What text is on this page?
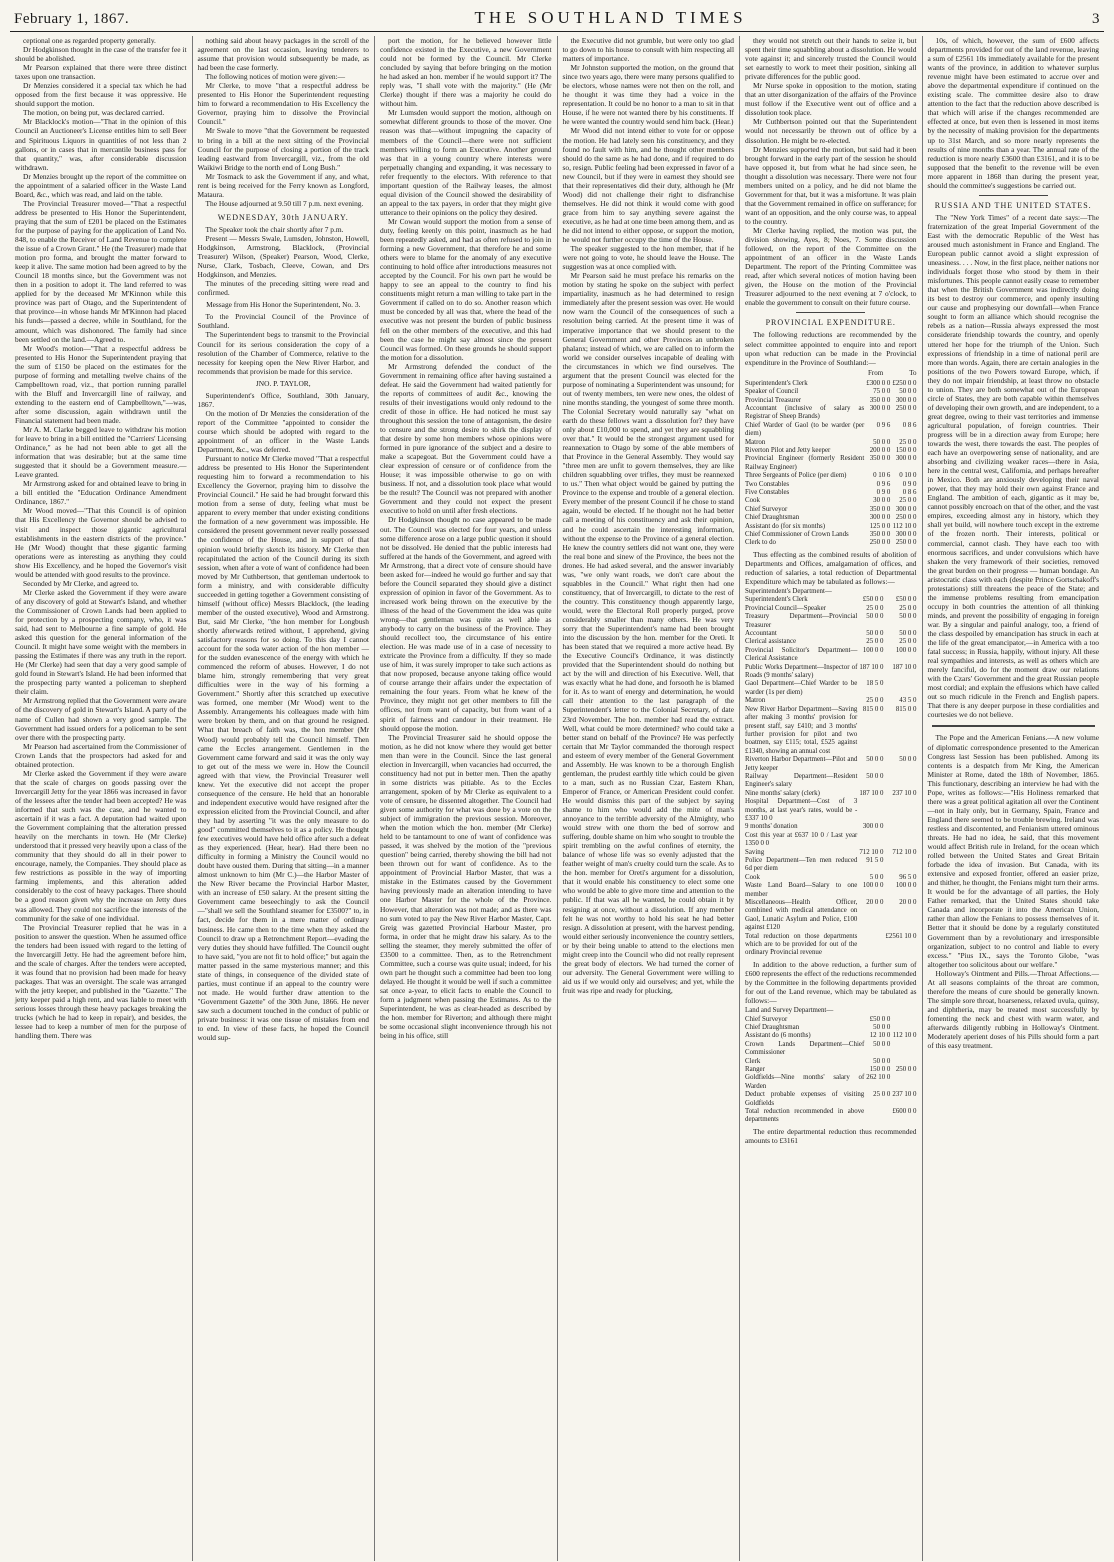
February 1, 1867.	THE SOUTHLAND TIMES	3

ceptional one as regarded property generally.

Dr Hodgkinson thought in the case of the transfer fee it should be abolished.

Mr Pearson explained that there were three distinct taxes upon one transaction.

Dr Menzies considered it a special tax which he had opposed from the first because it was oppressive. He should support the motion.

The motion, on being put, was declared carried.

Mr Blacklock's motion—"That in the opinion of this Council an Auctioneer's License entitles him to sell Beer and Spirituous Liquors in quantities of not less than 2 gallons, or in cases that in mercantile business pass for that quantity," was, after considerable discussion withdrawn.

Dr Menzies brought up the report of the committee on the appointment of a salaried officer in the Waste Land Board, &c., which was read, and laid on the table.

The Provincial Treasurer moved—"That a respectful address be presented to His Honor the Superintendent, praying that the sum of £201 be placed on the Estimates for the purpose of paying for the application of Land No. 848, to enable the Receiver of Land Revenue to complete the issue of a Crown Grant." He (the Treasurer) made that motion pro forma, and brought the matter forward to keep it alive. The same motion had been agreed to by the Council 18 months since, but the Government was not then in a position to adopt it. The land referred to was applied for by the deceased Mr M'Kinnon while this province was part of Otago, and the Superintendent of that province—in whose hands Mr M'Kinnon had placed his funds—passed a decree, while in Southland, for the amount, which was dishonored. The family had since been settled on the land.—Agreed to.

Mr Wood's motion—"That a respectful address be presented to His Honor the Superintendent praying that the sum of £150 be placed on the estimates for the purpose of forming and metalling twelve chains of the Campbelltown road, viz., that portion running parallel with the Bluff and Invercargill line of railway, and extending to the eastern end of Campbelltown,"—was, after some discussion, again withdrawn until the Financial statement had been made.

Mr A. M. Clarke begged leave to withdraw his motion for leave to bring in a bill entitled the "Carriers' Licensing Ordinance," as he had not been able to get all the information that was desirable; but at the same time suggested that it should be a Government measure.—Leave granted.

Mr Armstrong asked for and obtained leave to bring in a bill entitled the "Education Ordinance Amendment Ordinance, 1867."

Mr Wood moved—"That this Council is of opinion that His Excellency the Governor should be advised to visit and inspect those gigantic agricultural establishments in the eastern districts of the province." He (Mr Wood) thought that these gigantic farming operations were as interesting as anything they could show His Excellency, and he hoped the Governor's visit would be attended with good results to the province.

Seconded by Mr Clerke, and agreed to.

Mr Clerke asked the Government if they were aware of any discovery of gold at Stewart's Island, and whether the Commissioner of Crown Lands had been applied to for protection by a prospecting company, who, it was said, had sent to Melbourne a fine sample of gold. He asked this question for the general information of the Council. It might have some weight with the members in passing the Estimates if there was any truth in the report. He (Mr Clerke) had seen that day a very good sample of gold found in Stewart's Island. He had been informed that the prospecting party wanted a policeman to shepherd their claim.

Mr Armstrong replied that the Government were aware of the discovery of gold in Stewart's Island. A party of the name of Cullen had shown a very good sample. The Government had issued orders for a policeman to be sent over there with the prospecting party.

Mr Pearson had ascertained from the Commissioner of Crown Lands that the prospectors had asked for and obtained protection.

Mr Clerke asked the Government if they were aware that the scale of charges on goods passing over the Invercargill Jetty for the year 1866 was increased in favor of the lessees after the tender had been accepted? He was informed that such was the case, and he wanted to ascertain if it was a fact. A deputation had waited upon the Government complaining that the alteration pressed heavily on the merchants in town. He (Mr Clerke) understood that it pressed very heavily upon a class of the community that they should do all in their power to encourage, namely, the Companies. They should place as few restrictions as possible in the way of importing farming implements, and this alteration added considerably to the cost of heavy packages. There should be a good reason given why the increase on Jetty dues was allowed. They could not sacrifice the interests of the community for the sake of one individual.

The Provincial Treasurer replied that he was in a position to answer the question. When he assumed office the tenders had been issued with regard to the letting of the Invercargill Jetty. He had the agreement before him, and the scale of charges. After the tenders were accepted, it was found that no provision had been made for heavy packages. That was an oversight. The scale was arranged with the jetty keeper, and published in the "Gazette." The jetty keeper paid a high rent, and was liable to meet with serious losses through these heavy packages breaking the trucks (which he had to keep in repair), and besides, the lessee had to keep a number of men for the purpose of handling them. There was

nothing said about heavy packages in the scroll of the agreement on the last occasion, leaving tenderers to assume that provision would subsequently be made, as had been the case formerly.

The following notices of motion were given:—

Mr Clerke, to move "that a respectful address be presented to His Honor the Superintendent requesting him to forward a recommendation to His Excellency the Governor, praying him to dissolve the Provincial Council."

Mr Swale to move "that the Government be requested to bring in a bill at the next sitting of the Provincial Council for the purpose of closing a portion of the track leading eastward from Invercargill, viz., from the old Waikiwi Bridge to the north end of Long Bush."

Mr Tosmack to ask the Government if any, and what, rent is being received for the Ferry known as Longford, Mataura.

The House adjourned at 9.50 till 7 p.m. next evening.

WEDNESDAY, 30th JANUARY.

The Speaker took the chair shortly after 7 p.m.

Present — Messrs Swale, Lumsden, Johnston, Howell, Hodgkinson, Armstrong, Blacklock, (Provincial Treasurer) Wilson, (Speaker) Pearson, Wood, Clerke, Nurse, Clark, Tosbach, Cleeve, Cowan, and Drs Hodgkinson, and Menzies.

The minutes of the preceding sitting were read and confirmed.

Message from His Honor the Superintendent, No. 3.

To the Provincial Council of the Province of Southland.

The Superintendent begs to transmit to the Provincial Council for its serious consideration the copy of a resolution of the Chamber of Commerce, relative to the necessity for keeping open the New River Harbor, and recommends that provision be made for this service.

JNO. P. TAYLOR,

Superintendent's Office, Southland, 30th January, 1867.

On the motion of Dr Menzies the consideration of the report of the Committee "appointed to consider the course which should be adopted with regard to the appointment of an officer in the Waste Lands Department, &c., was deferred.

Pursuant to notice Mr Clerke moved "That a respectful address be presented to His Honor the Superintendent requesting him to forward a recommendation to his Excellency the Governor, praying him to dissolve the Provincial Council." He said he had brought forward this motion from a sense of duty, feeling what must be apparent to every member that under existing conditions the formation of a new government was impossible. He considered the present government never really possessed the confidence of the House, and in support of that opinion would briefly sketch its history. Mr Clerke then recapitulated the action of the Council during its sixth session, when after a vote of want of confidence had been moved by Mr Cuthbertson, that gentleman undertook to form a ministry, and with considerable difficulty succeeded in getting together a Government consisting of himself (without office) Messrs Blacklock, (the leading member of the ousted executive), Wood and Armstrong. But, said Mr Clerke, "the hon member for Longbush shortly afterwards retired without, I apprehend, giving satisfactory reasons for so doing. To this day I cannot account for the soda water action of the hon member — for the sudden evanescence of the energy with which he commenced the reform of abuses. However, I do not blame him, strongly remembering that very great difficulties were in the way of his forming a Government." Shortly after this scratched up executive was formed, one member (Mr Wood) went to the Assembly. Arrangements his colleagues made with him were broken by them, and on that ground he resigned. What that breach of faith was, the hon member (Mr Wood) would probably tell the Council himself. Then came the Eccles arrangement. Gentlemen in the Government came forward and said it was the only way to get out of the mess we were in. How the Council agreed with that view, the Provincial Treasurer well knew. Yet the executive did not accept the proper consequence of the censure. He held that an honorable and independent executive would have resigned after the expression elicited from the Provincial Council, and after they had by asserting "it was the only measure to do good" committed themselves to it as a policy. He thought few executives would have held office after such a defeat as they experienced. (Hear, hear). Had there been no difficulty in forming a Ministry the Council would no doubt have ousted them. During that sitting—in a manner almost unknown to him (Mr C.)—the Harbor Master of the New River became the Provincial Harbor Master, with an increase of £50 salary. At the present sitting the Government came beseechingly to ask the Council—"shall we sell the Southland steamer for £3500?" to, in fact, decide for them in a mere matter of ordinary business. He came then to the time when they asked the Council to draw up a Retrenchment Report—evading the very duties they should have fulfilled. The Council ought to have said, "you are not fit to hold office;" but again the matter passed in the same mysterious manner; and this state of things, in consequence of the divided state of parties, must continue if an appeal to the country were not made. He would further draw attention to the "Government Gazette" of the 30th June, 1866. He never saw such a document touched in the conduct of public or private business: it was one tissue of mistakes from end to end. In view of these facts, he hoped the Council would sup-

port the motion, for he believed however little confidence existed in the Executive, a new Government could not be formed by the Council. Mr Clerke concluded by saying that before bringing on the motion he had asked an hon. member if he would support it? The reply was, "I shall vote with the majority." (He (Mr Clerke) thought if there was a majority he could do without him.

Mr Lumsden would support the motion, although on somewhat different grounds to those of the mover. One reason was that—without impugning the capacity of members of the Council—there were not sufficient members willing to form an Executive. Another ground was that in a young country where interests were perpetually changing and expanding, it was necessary to refer frequently to the electors. With reference to that important question of the Railway leases, the almost equal division of the Council showed the desirability of an appeal to the tax payers, in order that they might give utterance to their opinions on the policy they desired.

Mr Cowan would support the motion from a sense of duty, feeling keenly on this point, inasmuch as he had been repeatedly asked, and had as often refused to join in forming a new Government, that therefore he and some others were to blame for the anomaly of any executive continuing to hold office after introductions measures not accepted by the Council. For his own part he would be happy to see an appeal to the country to find his constituents might return a man willing to take part in the Government if called on to do so. Another reason which must be conceded by all was that, where the head of the executive was not present the burden of public business fell on the other members of the executive, and this had been the case he might say almost since the present Council was formed. On these grounds he should support the motion for a dissolution.

Mr Armstrong defended the conduct of the Government in remaining office after having sustained a defeat. He said the Government had waited patiently for the reports of committees of audit &c., knowing the results of their investigations would only redound to the credit of those in office. He had noticed he must say throughout this session the tone of antagonism, the desire to censure and the strong desire to shirk the display of that desire by some hon members whose opinions were formed in pure ignorance of the subject and a desire to make a scapegoat. But the Government could have a clear expression of censure or of confidence from the House; it was impossible otherwise to go on with business. If not, and a dissolution took place what would be the result? The Council was not prepared with another Government and they could not expect the present executive to hold on until after fresh elections.

Dr Hodgkinson thought no case appeared to be made out. The Council was elected for four years, and unless some difference arose on a large public question it should not be dissolved. He denied that the public interests had suffered at the hands of the Government, and agreed with Mr Armstrong, that a direct vote of censure should have been asked for—indeed he would go further and say that before the Council separated they should give a distinct expression of opinion in favor of the Government. As to increased work being thrown on the executive by the illness of the head of the Government the idea was quite wrong—that gentleman was quite as well able as anybody to carry on the business of the Province. They should recollect too, the circumstance of his entire election. He was made use of in a case of necessity to extricate the Province from a difficulty. If they so made use of him, it was surely improper to take such actions as that now proposed, because anyone taking office would of course arrange their affairs under the expectation of remaining the four years. From what he knew of the Province, they might not get other members to fill the offices, not from want of capacity, but from want of a spirit of fairness and candour in their treatment. He should oppose the motion.

The Provincial Treasurer said he should oppose the motion, as he did not know where they would get better men than were in the Council. Since the last general election in Invercargill, when vacancies had occurred, the constituency had not put in better men. Then the apathy in some districts was pitiable. As to the Eccles arrangement, spoken of by Mr Clerke as equivalent to a vote of censure, he dissented altogether. The Council had given some authority for what was done by a vote on the subject of immigration the previous session. Moreover, when the motion which the hon. member (Mr Clerke) held to be tantamount to one of want of confidence was passed, it was shelved by the motion of the "previous question" being carried, thereby showing the bill had not been thrown out for want of confidence. As to the appointment of Provincial Harbor Master, that was a mistake in the Estimates caused by the Government having previously made an alteration intending to have one Harbor Master for the whole of the Province. However, that alteration was not made; and as there was no sum voted to pay the New River Harbor Master, Capt. Greig was gazetted Provincial Harbour Master, pro forma, in order that he might draw his salary. As to the selling the steamer, they merely submitted the offer of £3500 to a committee. Then, as to the Retrenchment Committee, such a course was quite usual; indeed, for his own part he thought such a committee had been too long delayed. He thought it would be well if such a committee sat once a-year, to elicit facts to enable the Council to form a judgment when passing the Estimates. As to the Superintendent, he was as clear-headed as described by the hon. member for Riverton; and although there might be some occasional slight inconvenience through his not being in his office, still

the Executive did not grumble, but were only too glad to go down to his house to consult with him respecting all matters of importance.

Mr Johnston supported the motion, on the ground that since two years ago, there were many persons qualified to be electors, whose names were not then on the roll, and he thought it was time they had a voice in the representation. It could be no honor to a man to sit in that House, if he were not wanted there by his constituents. If he were wanted the country would send him back. (Hear.)

Mr Wood did not intend either to vote for or oppose the motion. He had lately seen his constituency, and they found no fault with him, and he thought other members should do the same as he had done, and if required to do so, resign. Public feeling had been expressed in favor of a new Council, but if they were in earnest they should see that their representatives did their duty, although he (Mr Wood) did not challenge their right to disfranchise themselves. He did not think it would come with good grace from him to say anything severe against the executive, as he had at one time been among them, and as he did not intend to either oppose, or support the motion, he would not further occupy the time of the House.

The speaker suggested to the hon member, that if he were not going to vote, he should leave the House. The suggestion was at once complied with.

Mr Pearson said he must preface his remarks on the motion by stating he spoke on the subject with perfect impartiality, inasmuch as he had determined to resign immediately after the present session was over. He would now warn the Council of the consequences of such a resolution being carried. At the present time it was of imperative importance that we should present to the General Government and other Provinces an unbroken phalanx; instead of which, we are called on to inform the world we consider ourselves incapable of dealing with the circumstances in which we find ourselves. The argument that the present Council was elected for the purpose of nominating a Superintendent was unsound; for out of twenty members, ten were new ones, the oldest of nine months standing, the youngest of some three month. The Colonial Secretary would naturally say "what on earth do these fellows want a dissolution for? they have only about £10,000 to spend, and yet they are squabbling over that." It would be the strongest argument used for reannexation to Otago by some of the able members of that Province in the General Assembly. They would say "three men are unfit to govern themselves, they are like children squabbling over trifles, they must be reannexed to us." Then what object would be gained by putting the Province to the expense and trouble of a general election. Every member of the present Council if he chose to stand again, would be elected. If he thought not he had better call a meeting of his constituency and ask their opinion, and he could ascertain the interesting information, without the expense to the Province of a general election. He knew the country settlers did not want one, they were the real bone and sinew of the Province, the bees not the drones. He had asked several, and the answer invariably was, "we only want roads, we don't care about the squabbles in the Council." What right then had one constituency, that of Invercargill, to dictate to the rest of the country. This constituency though apparently large, would, were the Electoral Roll properly purged, prove considerably smaller than many others. He was very sorry that the Superintendent's name had been brought into the discussion by the hon. member for the Oreti. It has been stated that we required a more active head. By the Executive Council's Ordinance, it was distinctly provided that the Superintendent should do nothing but act by the will and direction of his Executive. Well, that was exactly what he had done, and forsooth he is blamed for it. As to want of energy and determination, he would call their attention to the last paragraph of the Superintendent's letter to the Colonial Secretary, of date 23rd November. The hon. member had read the extract. Well, what could be more determined? who could take a better stand on behalf of the Province? He was perfectly certain that Mr Taylor commanded the thorough respect and esteem of every member of the General Government and Assembly. He was known to be a thorough English gentleman, the prudest earthly title which could be given to a man, such as no Russian Czar, Eastern Khan, Emperor of France, or American President could confer. He would dismiss this part of the subject by saying shame to him who would add the mite of man's annoyance to the terrible adversity of the Almighty, who would strew with one thorn the bed of sorrow and suffering, double shame on him who sought to trouble the spirit trembling on the awful confines of eternity, the balance of whose life was so evenly adjusted that the feather weight of man's cruelty could turn the scale. As to the hon. member for Oreti's argument for a dissolution, that it would enable his constituency to elect some one who would be able to give more time and attention to the public. If that was all he wanted, he could obtain it by resigning at once, without a dissolution. If any member felt he was not worthy to hold his seat he had better resign. A dissolution at present, with the harvest pending, would either seriously inconvenience the country settlers, or by their being unable to attend to the elections men might creep into the Council who did not really represent the great body of electors. We had turned the corner of our adversity. The General Government were willing to aid us if we would only aid ourselves; and yet, while the fruit was ripe and ready for plucking,

they would not stretch out their hands to seize it, but spent their time squabbling about a dissolution. He would vote against it; and sincerely trusted the Council would set earnestly to work to meet their position, sinking all private differences for the public good.

Mr Nurse spoke in opposition to the motion, stating that an utter disorganization of the affairs of the Province must follow if the Executive went out of office and a dissolution took place.

Mr Cuthbertson pointed out that the Superintendent would not necessarily be thrown out of office by a dissolution. He might be re-elected.

Dr Menzies supported the motion, but said had it been brought forward in the early part of the session he should have opposed it, but from what he had since seen, he thought a dissolution was necessary. There were not four members united on a policy, and he did not blame the Government for that, but it was a misfortune. It was plain that the Government remained in office on sufferance; for want of an opposition, and the only course was, to appeal to the country.

Mr Clerke having replied, the motion was put, the division showing, Ayes, 8; Noes, 7. Some discussion followed, on the report of the Committee on the appointment of an officer in the Waste Lands Department. The report of the Printing Committee was read, after which several notices of motion having been given, the House on the motion of the Provincial Treasurer adjourned to the next evening at 7 o'clock, to enable the government to consult on their future course.

PROVINCIAL EXPENDITURE.

The following reductions are recommended by the select committee appointed to enquire into and report upon what reduction can be made in the Provincial expenditure in the Province of Southland:—

From	To
Superintendent's Clerk	£300 0 0	£250 0 0
Speaker of Council	75 0 0	50 0 0
Provincial Treasurer	350 0 0	300 0 0
Accountant (inclusive of salary as Registrar of Sheep Brands)	300 0 0	250 0 0
Chief Warder of Gaol (to be warder (per diem)	0 9 6	0 8 6
Matron	50 0 0	25 0 0
Riverton Pilot and Jetty keeper	200 0 0	150 0 0
Provincial Engineer (formerly Resident Railway Engineer)	350 0 0	300 0 0
Three Sergeants of Police (per diem)	0 10 6	0 10 0
Two Constables	0 9 6	0 9 0
Five Constables	0 9 0	0 8 6
Cook	30 0 0	25 0 0
Chief Surveyor	350 0 0	300 0 0
Chief Draughtsman	300 0 0	250 0 0
Assistant do (for six months)	125 0 0	112 10 0
Chief Commissioner of Crown Lands	350 0 0	300 0 0
Clerk to do	250 0 0	250 0 0

Thus effecting as the combined results of abolition of Departments and Offices, amalgamation of offices, and reduction of salaries, a total reduction of Departmental Expenditure which may be tabulated as follows:—

Superintendent's Department—		
Superintendent's Clerk	£50 0 0	£50 0 0
Provincial Council—Speaker	25 0 0	25 0 0
Treasury Department—Provincial Treasurer	50 0 0	50 0 0
Accountant	50 0 0	50 0 0
Clerical assistance	25 0 0	25 0 0
Provincial Solicitor's Department—Clerical Assistance	100 0 0	100 0 0
Public Works Department—Inspector of Roads (9 months' salary)	187 10 0	187 10 0
Gaol Department—Chief Warder to be warder (1s per diem)	18 5 0	
Matron	25 0 0	43 5 0
New River Harbor Department—Saving after making 3 months' provision for present staff, say £410; and 3 months' further provision for pilot and two boatmen, say £115; total, £525 against £1340, showing an annual cost	815 0 0	815 0 0
Riverton Harbor Department—Pilot and Jetty keeper	50 0 0	50 0 0
Railway Department—Resident Engineer's salary	50 0 0	
Nine months' salary (clerk)	187 10 0	237 10 0
Hospital Department—Cost of 3 months, at last year's rates, would be - £337 10 0		
9 months' donation	300 0 0	
Cost this year at £637 10 0 / Last year 1350 0 0		
Saving	712 10 0	712 10 0
Police Department—Ten men reduced 6d per diem	91 5 0	
Cook	5 0 0	96 5 0
Waste Land Board—Salary to one member	100 0 0	100 0 0
Miscellaneous—Health Officer, combined with medical attendance on Gaol, Lunatic Asylum and Police, £100 against £120	20 0 0	20 0 0
Total reduction on those departments which are to be provided for out of the ordinary Provincial revenue		£2561 10 0

In addition to the above reduction, a further sum of £600 represents the effect of the reductions recommended by the Committee in the following departments provided for out of the Land revenue, which may be tabulated as follows:—

Land and Survey Department—		
Chief Surveyor	£50 0 0	
Chief Draughtsman	50 0 0	
Assistant do (6 months)	12 10 0	112 10 0
Crown Lands Department—Chief Commissioner	50 0 0	
Clerk	50 0 0	
Ranger	150 0 0	250 0 0
Goldfields—Nine months' salary of Warden	262 10 0	
Deduct probable expenses of visiting Goldfields	25 0 0	237 10 0
Total reduction recommended in above departments		£600 0 0

The entire departmental reduction thus recommended amounts to £3161

10s, of which, however, the sum of £600 affects departments provided for out of the land revenue, leaving a sum of £2561 10s immediately available for the present wants of the province, in addition to whatever surplus revenue might have been estimated to accrue over and above the departmental expenditure if continued on the existing scale. The committee desire also to draw attention to the fact that the reduction above described is that which will arise if the changes recommended are effected at once, but even then is lessened in most items by the necessity of making provision for the departments up to 31st March, and so more nearly represents the results of nine months than a year. The annual rate of the reduction is more nearly £3600 than £3161, and it is to be supposed that the benefit to the revenue will be even more apparent in 1868 than during the present year, should the committee's suggestions be carried out.

RUSSIA AND THE UNITED STATES.

The "New York Times" of a recent date says:—The fraternization of the great Imperial Government of the East with the democratic Republic of the West has aroused much astonishment in France and England. The European public cannot avoid a slight expression of uneasiness. . . . Now, in the first place, neither nations nor individuals forget those who stood by them in their misfortunes. This people cannot easily cease to remember that when the British Government was indirectly doing its best to destroy our commerce, and openly insulting our cause and prophesying our downfall—when France sought to form an alliance which should recognise the rebels as a nation—Russia always expressed the most considerate friendship towards the country, and openly uttered her hope for the triumph of the Union. Such expressions of friendship in a time of national peril are more than words. Again, there are certain analogies in the positions of the two Powers toward Europe, which, if they do not impair friendship, at least throw no obstacle to union. They are both somewhat out of the European circle of States, they are both capable within themselves of developing their own growth, and are independent, to a great degree, owing to their vast territories and immense agricultural population, of foreign countries. Their progress will be in a direction away from Europe; here towards the west, there towards the east. The peoples of each have an overpowering sense of nationality, and are absorbing and civilizing weaker races—there in Asia, here in the central west, California, and perhaps hereafter in Mexico. Both are anxiously developing their naval power, that they may hold their own against France and England. The ambition of each, gigantic as it may be, cannot possibly encroach on that of the other, and the vast empires, exceeding almost any in history, which they shall yet build, will nowhere touch except in the extreme of the frozen north. Their interests, political or commercial, cannot clash. They have each too with enormous sacrifices, and under convulsions which have shaken the very framework of their societies, removed the great burden on their progress — human bondage. An aristocratic class with each (despite Prince Gortschakoff's protestations) still threatens the peace of the State; and the immense problems resulting from emancipation occupy in both countries the attention of all thinking minds, and prevent the possibility of engaging in foreign war. By a singular and painful analogy, too, a friend of the class despoiled by emancipation has struck in each at the life of the great emancipator,—in America with a too fatal success; in Russia, happily, without injury. All these real sympathies and interests, as well as others which are merely fanciful, do for the moment draw our relations with the Czars' Government and the great Russian people most cordial; and explain the effusions which have called out so much ridicule in the French and English papers. That there is any deeper purpose in these cordialities and courtesies we do not believe.

The Pope and the American Fenians.—A new volume of diplomatic correspondence presented to the American Congress last Session has been published. Among its contents is a despatch from Mr King, the American Minister at Rome, dated the 18th of November, 1865. This functionary, describing an interview he had with the Pope, writes as follows:—"His Holiness remarked that there was a great political agitation all over the Continent—not in Italy only, but in Germany, Spain, France and England there seemed to be trouble brewing. Ireland was restless and discontented, and Fenianism uttered ominous threats. He had no idea, he said, that this movement would affect British rule in Ireland, for the ocean which rolled between the United States and Great Britain forbade the idea of invasion. But Canada, with its extensive and exposed frontier, offered an easier prize, and thither, he thought, the Fenians might turn their arms. It would be for the advantage of all parties, the Holy Father remarked, that the United States should take Canada and incorporate it into the American Union, rather than allow the Fenians to possess themselves of it. Better that it should be done by a regularly constituted Government than by a revolutionary and irresponsible organization, subject to no control and liable to every excess." "Pius IX., says the Toronto Globe, "was altogether too solicitous about our welfare."

Holloway's Ointment and Pills.—Throat Affections.—At all seasons complaints of the throat are common, therefore the means of cure should be generally known. The simple sore throat, hoarseness, relaxed uvula, quinsy, and diphtheria, may be treated most successfully by fomenting the neck and chest with warm water, and afterwards diligently rubbing in Holloway's Ointment. Moderately aperient doses of his Pills should form a part of this easy treatment.
